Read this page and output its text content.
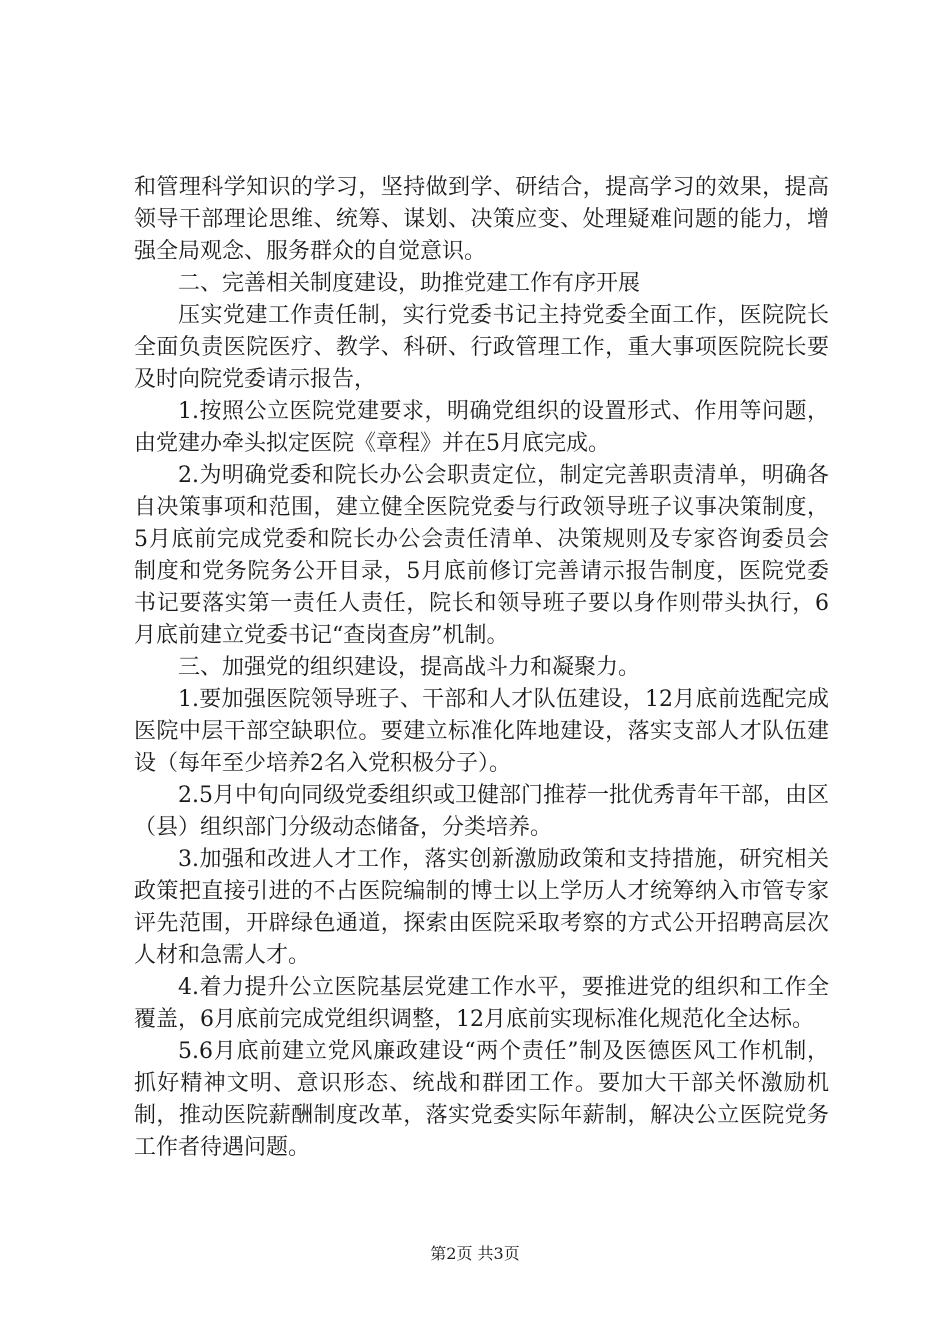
和管理科学知识的学习，坚持做到学、研结合，提高学习的效果，提高领导干部理论思维、统筹、谋划、决策应变、处理疑难问题的能力，增强全局观念、服务群众的自觉意识。

二、完善相关制度建设，助推党建工作有序开展

压实党建工作责任制，实行党委书记主持党委全面工作，医院院长全面负责医院医疗、教学、科研、行政管理工作，重大事项医院院长要及时向院党委请示报告，

1.按照公立医院党建要求，明确党组织的设置形式、作用等问题，由党建办牵头拟定医院《章程》并在5月底完成。

2.为明确党委和院长办公会职责定位，制定完善职责清单，明确各自决策事项和范围，建立健全医院党委与行政领导班子议事决策制度，5月底前完成党委和院长办公会责任清单、决策规则及专家咨询委员会制度和党务院务公开目录，5月底前修订完善请示报告制度，医院党委书记要落实第一责任人责任，院长和领导班子要以身作则带头执行，6月底前建立党委书记“查岗查房”机制。

三、加强党的组织建设，提高战斗力和凝聚力。

1.要加强医院领导班子、干部和人才队伍建设，12月底前选配完成医院中层干部空缺职位。要建立标准化阵地建设，落实支部人才队伍建设（每年至少培养2名入党积极分子）。

2.5月中旬向同级党委组织或卫健部门推荐一批优秀青年干部，由区（县）组织部门分级动态储备，分类培养。

3.加强和改进人才工作，落实创新激励政策和支持措施，研究相关政策把直接引进的不占医院编制的博士以上学历人才统筹纳入市管专家评先范围，开辟绿色通道，探索由医院采取考察的方式公开招聘高层次人材和急需人才。

4.着力提升公立医院基层党建工作水平，要推进党的组织和工作全覆盖，6月底前完成党组织调整，12月底前实现标准化规范化全达标。

5.6月底前建立党风廉政建设“两个责任”制及医德医风工作机制，抓好精神文明、意识形态、统战和群团工作。要加大干部关怀激励机制，推动医院薪酬制度改革，落实党委实际年薪制，解决公立医院党务工作者待遇问题。

第2页 共3页
